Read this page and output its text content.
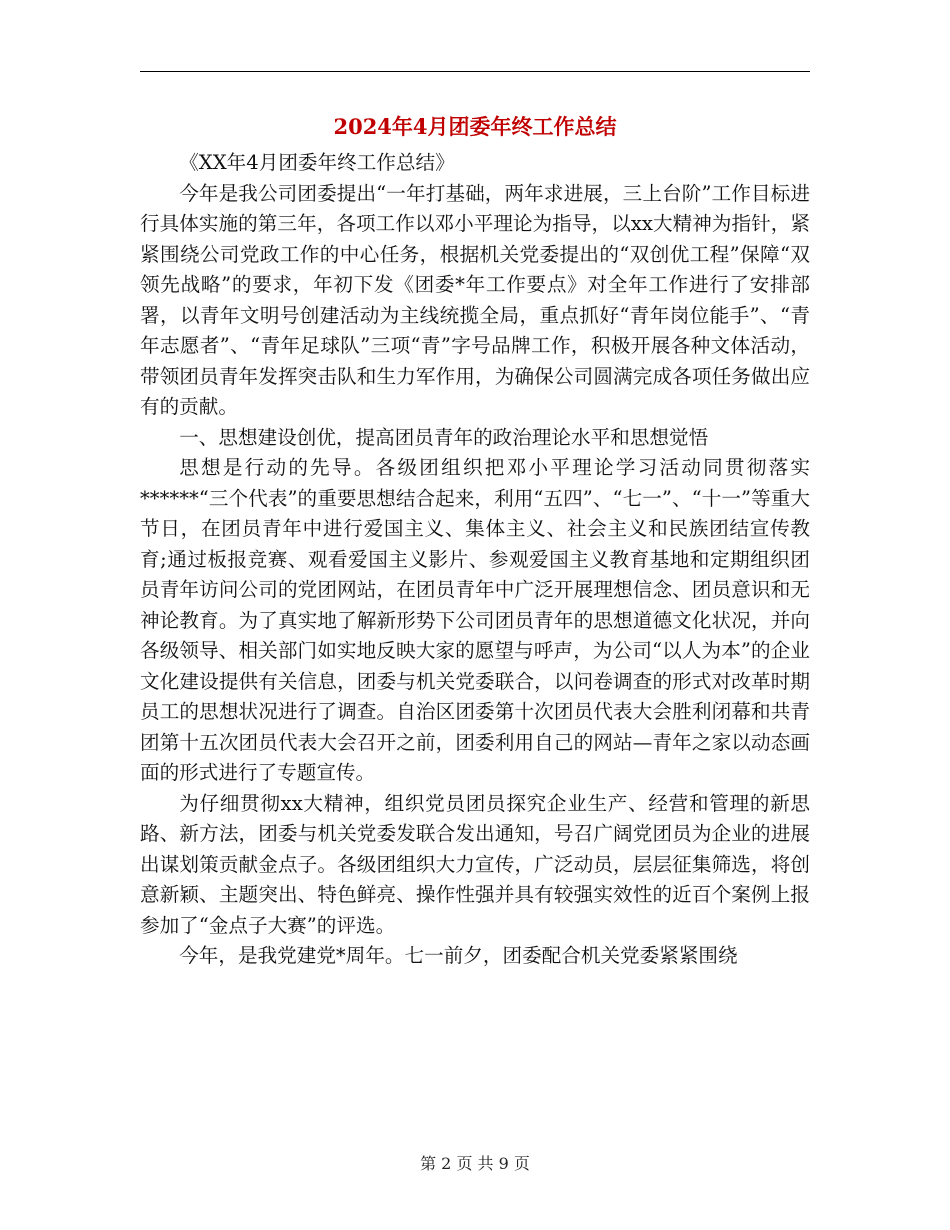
2024年4月团委年终工作总结

《XX年4月团委年终工作总结》

今年是我公司团委提出“一年打基础，两年求进展，三上台阶”工作目标进行具体实施的第三年，各项工作以邓小平理论为指导，以xx大精神为指针，紧紧围绕公司党政工作的中心任务，根据机关党委提出的“双创优工程”保障“双领先战略”的要求，年初下发《团委*年工作要点》对全年工作进行了安排部署，以青年文明号创建活动为主线统揽全局，重点抓好“青年岗位能手”、“青年志愿者”、“青年足球队”三项“青”字号品牌工作，积极开展各种文体活动，带领团员青年发挥突击队和生力军作用，为确保公司圆满完成各项任务做出应有的贡献。

一、思想建设创优，提高团员青年的政治理论水平和思想觉悟

思想是行动的先导。各级团组织把邓小平理论学习活动同贯彻落实******“三个代表”的重要思想结合起来，利用“五四”、“七一”、“十一”等重大节日，在团员青年中进行爱国主义、集体主义、社会主义和民族团结宣传教育;通过板报竞赛、观看爱国主义影片、参观爱国主义教育基地和定期组织团员青年访问公司的党团网站，在团员青年中广泛开展理想信念、团员意识和无神论教育。为了真实地了解新形势下公司团员青年的思想道德文化状况，并向各级领导、相关部门如实地反映大家的愿望与呼声，为公司“以人为本”的企业文化建设提供有关信息，团委与机关党委联合，以问卷调查的形式对改革时期员工的思想状况进行了调查。自治区团委第十次团员代表大会胜利闭幕和共青团第十五次团员代表大会召开之前，团委利用自己的网站—青年之家以动态画面的形式进行了专题宣传。

为仔细贯彻xx大精神，组织党员团员探究企业生产、经营和管理的新思路、新方法，团委与机关党委发联合发出通知，号召广阔党团员为企业的进展出谋划策贡献金点子。各级团组织大力宣传，广泛动员，层层征集筛选，将创意新颖、主题突出、特色鲜亮、操作性强并具有较强实效性的近百个案例上报参加了“金点子大赛”的评选。

今年，是我党建党*周年。七一前夕，团委配合机关党委紧紧围绕

第 2 页 共 9 页
